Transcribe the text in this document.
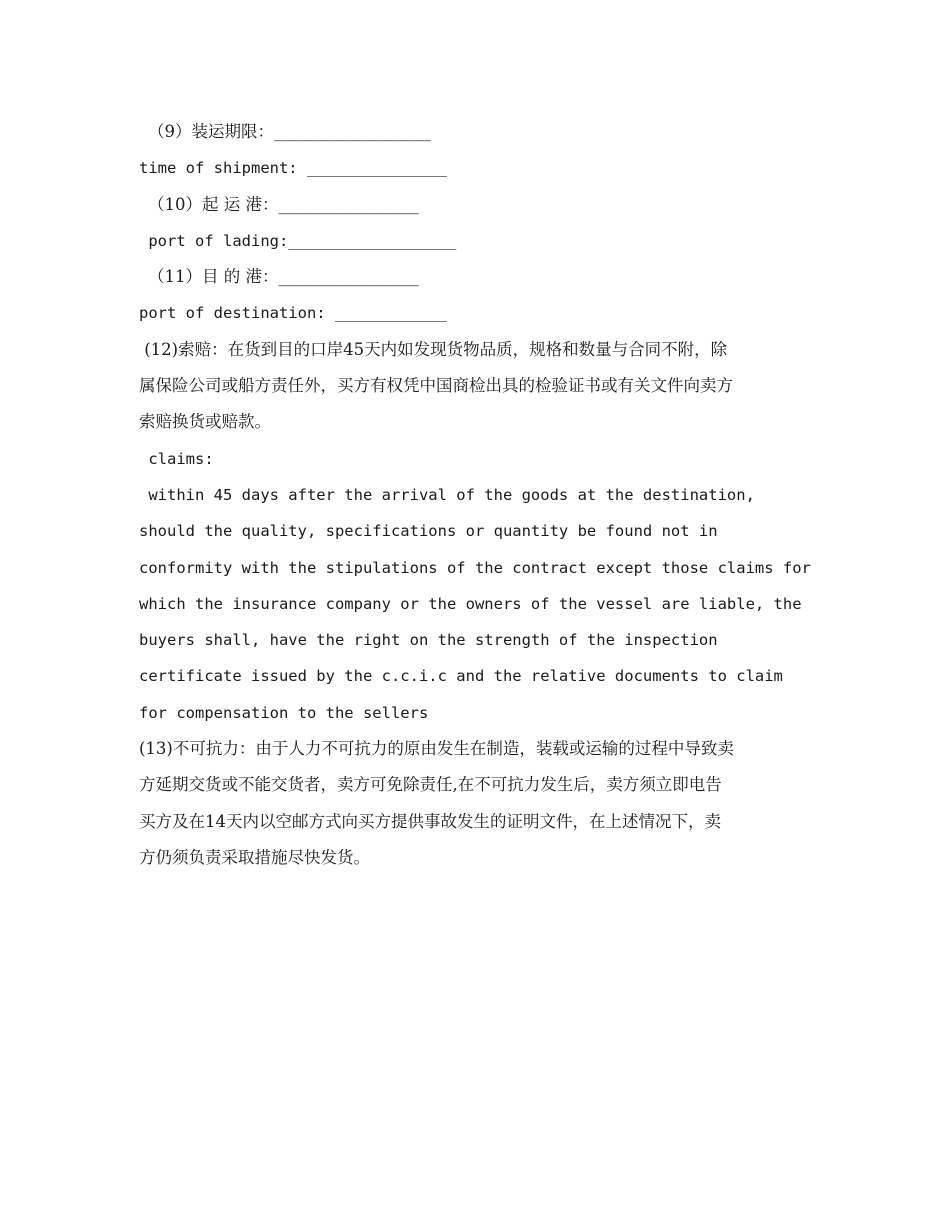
（9）装运期限：___________________
time of shipment: _______________
（10）起 运 港：_________________
port of lading:__________________
（11）目 的 港：_________________
port of destination: ____________
(12)索赔：在货到目的口岸45天内如发现货物品质，规格和数量与合同不附，除
属保险公司或船方责任外，买方有权凭中国商检出具的检验证书或有关文件向卖方
索赔换货或赔款。
claims:
within 45 days after the arrival of the goods at the destination,
should the quality, specifications or quantity be found not in
conformity with the stipulations of the contract except those claims for
which the insurance company or the owners of the vessel are liable, the
buyers shall, have the right on the strength of the inspection
certificate issued by the c.c.i.c and the relative documents to claim
for compensation to the sellers
(13)不可抗力：由于人力不可抗力的原由发生在制造，装载或运输的过程中导致卖
方延期交货或不能交货者，卖方可免除责任,在不可抗力发生后，卖方须立即电告
买方及在14天内以空邮方式向买方提供事故发生的证明文件，在上述情况下，卖
方仍须负责采取措施尽快发货。
